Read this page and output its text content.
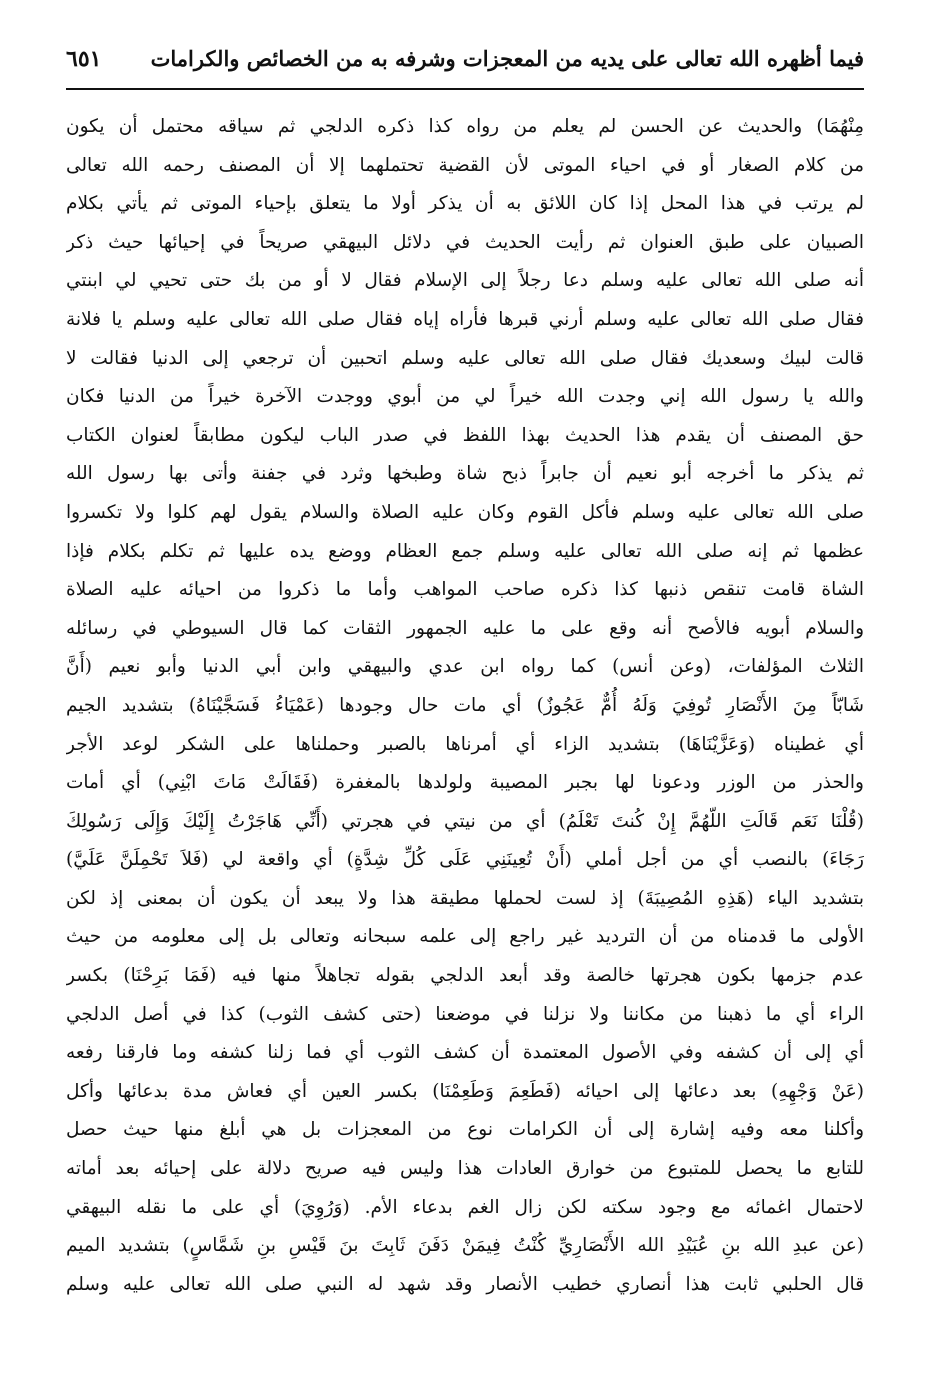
فيما أظهره الله تعالى على يديه من المعجزات وشرفه به من الخصائص والكرامات
٦٥١
مِنْهُمَا) والحديث عن الحسن لم يعلم من رواه كذا ذكره الدلجي ثم سياقه محتمل أن يكون
من كلام الصغار أو في احياء الموتى لأن القضية تحتملهما إلا أن المصنف رحمه الله تعالى
لم يرتب في هذا المحل إذا كان اللائق به أن يذكر أولا ما يتعلق بإحياء الموتى ثم يأتي بكلام
الصبيان على طبق العنوان ثم رأيت الحديث في دلائل البيهقي صريحاً في إحيائها حيث ذكر
أنه صلى الله تعالى عليه وسلم دعا رجلاً إلى الإسلام فقال لا أو من بك حتى تحيي لي ابنتي
فقال صلى الله تعالى عليه وسلم أرني قبرها فأراه إياه فقال صلى الله تعالى عليه وسلم يا فلانة
قالت لبيك وسعديك فقال صلى الله تعالى عليه وسلم اتحبين أن ترجعي إلى الدنيا فقالت لا
والله يا رسول الله إني وجدت الله خيراً لي من أبوي ووجدت الآخرة خيراً من الدنيا فكان
حق المصنف أن يقدم هذا الحديث بهذا اللفظ في صدر الباب ليكون مطابقاً لعنوان الكتاب
ثم يذكر ما أخرجه أبو نعيم أن جابراً ذبح شاة وطبخها وثرد في جفنة وأتى بها رسول الله
صلى الله تعالى عليه وسلم فأكل القوم وكان عليه الصلاة والسلام يقول لهم كلوا ولا تكسروا
عظمها ثم إنه صلى الله تعالى عليه وسلم جمع العظام ووضع يده عليها ثم تكلم بكلام فإذا
الشاة قامت تنقص ذنبها كذا ذكره صاحب المواهب وأما ما ذكروا من احيائه عليه الصلاة
والسلام أبويه فالأصح أنه وقع على ما عليه الجمهور الثقات كما قال السيوطي في رسائله
الثلاث المؤلفات، (وعن أنس) كما رواه ابن عدي والبيهقي وابن أبي الدنيا وأبو نعيم (أَنَّ
شَابّاً مِنَ الأَنْصَارِ تُوفِيَ وَلَهُ أُمٌّ عَجُوزٌ) أي مات حال وجودها (عَمْيَاءُ فَسَجَّيْنَاهُ) بتشديد الجيم
أي غطيناه (وَعَزَّيْنَاهَا) بتشديد الزاء أي أمرناها بالصبر وحملناها على الشكر لوعد الأجر
والحذر من الوزر ودعونا لها بجبر المصيبة ولولدها بالمغفرة (فَقَالَتْ مَاتَ ابْنِي) أي أمات
(قُلْنَا نَعَم قَالَتِ اللّهُمَّ إِنْ كُنتَ تَعْلَمُ) أي من نيتي في هجرتي (أَنِّي هَاجَرْتُ إِلَيْكَ وَإِلَى رَسُولِكَ
رَجَاءَ) بالنصب أي من أجل أملي (أَنْ تُعِينَنِي عَلَى كُلِّ شِدَّةٍ) أي واقعة لي (فَلاَ تَحْمِلَنَّ عَلَيَّ)
بتشديد الياء (هَذِهِ المُصِيبَةَ) إذ لست لحملها مطيقة هذا ولا يبعد أن يكون أن بمعنى إذ لكن
الأولى ما قدمناه من أن الترديد غير راجع إلى علمه سبحانه وتعالى بل إلى معلومه من حيث
عدم جزمها بكون هجرتها خالصة وقد أبعد الدلجي بقوله تجاهلاً منها فيه (فَمَا بَرِحْنَا) بكسر
الراء أي ما ذهبنا من مكاننا ولا نزلنا في موضعنا (حتى كشف الثوب) كذا في أصل الدلجي
أي إلى أن كشفه وفي الأصول المعتمدة أن كشف الثوب أي فما زلنا كشفه وما فارقنا رفعه
(عَنْ وَجْهِهِ) بعد دعائها إلى احيائه (فَطَعِمَ وَطَعِمْنَا) بكسر العين أي فعاش مدة بدعائها وأكل
وأكلنا معه وفيه إشارة إلى أن الكرامات نوع من المعجزات بل هي أبلغ منها حيث حصل
للتابع ما يحصل للمتبوع من خوارق العادات هذا وليس فيه صريح دلالة على إحيائه بعد أماته
لاحتمال اغمائه مع وجود سكته لكن زال الغم بدعاء الأم. (وَرُوِيَ) أي على ما نقله البيهقي
(عن عبدِ الله بنِ عُبَيْدِ الله الأَنْصَارِيِّ كُنْتُ فِيمَنْ دَفَنَ ثَابِتَ بنَ قَيْسِ بنِ شَمَّاسٍ) بتشديد الميم
قال الحلبي ثابت هذا أنصاري خطيب الأنصار وقد شهد له النبي صلى الله تعالى عليه وسلم
